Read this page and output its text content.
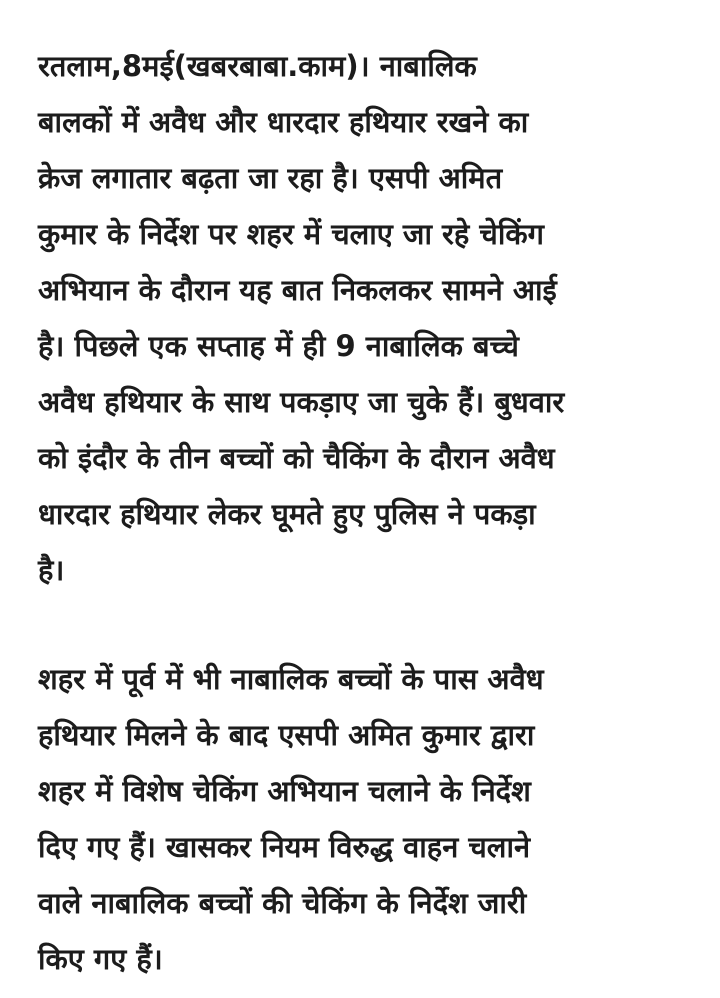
रतलाम,8मई(खबरबाबा.काम)। नाबालिक
बालकों में अवैध और धारदार हथियार रखने का
क्रेज लगातार बढ़ता जा रहा है। एसपी अमित
कुमार के निर्देश पर शहर में चलाए जा रहे चेकिंग
अभियान के दौरान यह बात निकलकर सामने आई
है। पिछले एक सप्ताह में ही 9 नाबालिक बच्चे
अवैध हथियार के साथ पकड़ाए जा चुके हैं। बुधवार
को इंदौर के तीन बच्चों को चैकिंग के दौरान अवैध
धारदार हथियार लेकर घूमते हुए पुलिस ने पकड़ा
है।
शहर में पूर्व में भी नाबालिक बच्चों के पास अवैध
हथियार मिलने के बाद एसपी अमित कुमार द्वारा
शहर में विशेष चेकिंग अभियान चलाने के निर्देश
दिए गए हैं। खासकर नियम विरुद्ध वाहन चलाने
वाले नाबालिक बच्चों की चेकिंग के निर्देश जारी
किए गए हैं।
